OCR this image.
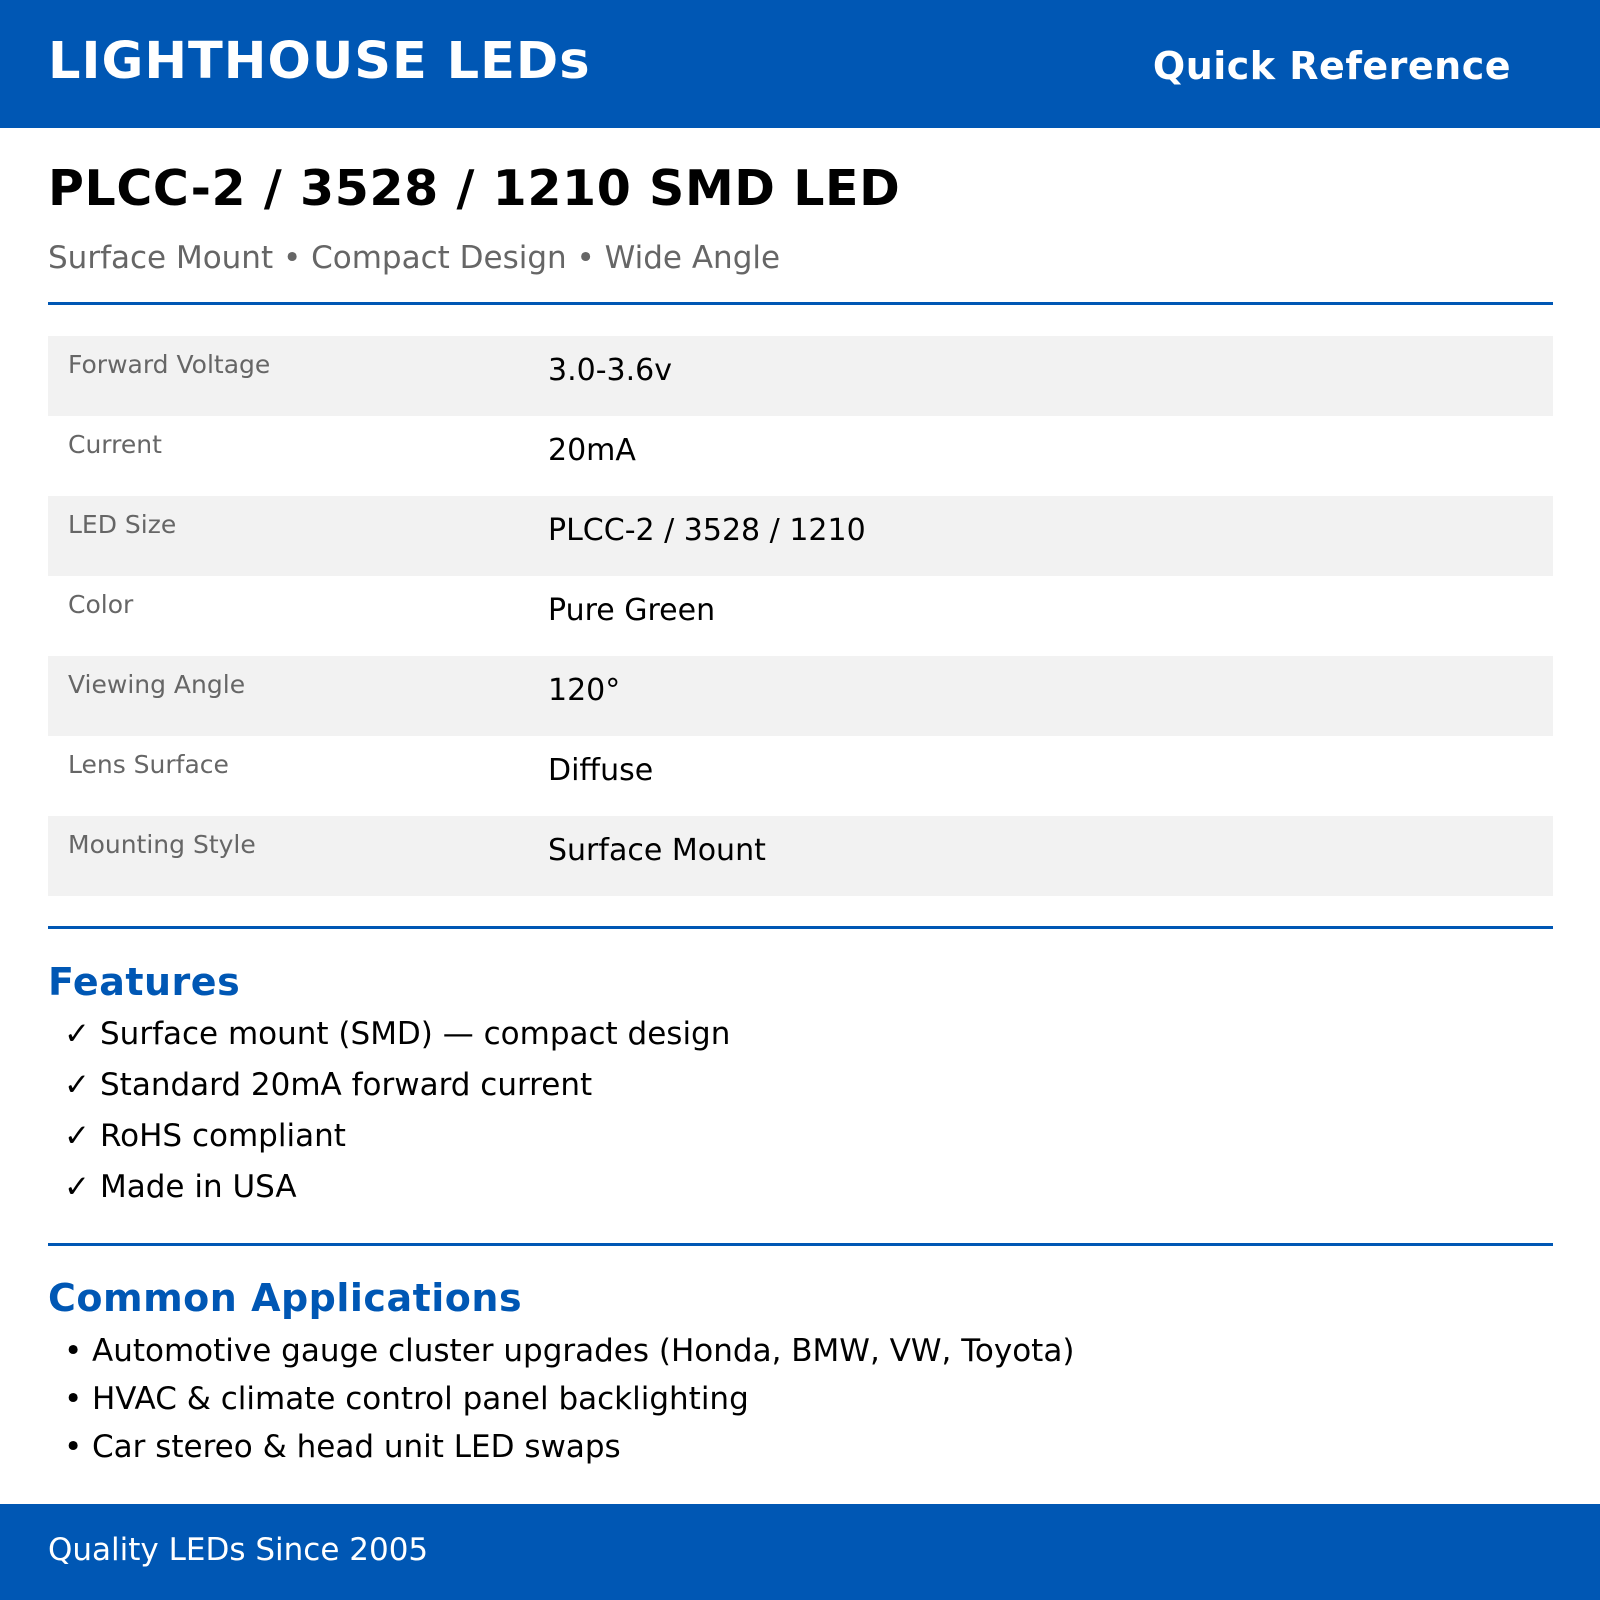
LIGHTHOUSE LEDs	Quick Reference
PLCC-2 / 3528 / 1210 SMD LED
Surface Mount • Compact Design • Wide Angle
Forward Voltage	3.0-3.6v
Current	20mA
LED Size	PLCC-2 / 3528 / 1210
Color	Pure Green
Viewing Angle	120°
Lens Surface	Diffuse
Mounting Style	Surface Mount
Features
✓ Surface mount (SMD) — compact design
✓ Standard 20mA forward current
✓ RoHS compliant
✓ Made in USA
Common Applications
• Automotive gauge cluster upgrades (Honda, BMW, VW, Toyota)
• HVAC & climate control panel backlighting
• Car stereo & head unit LED swaps
Quality LEDs Since 2005
